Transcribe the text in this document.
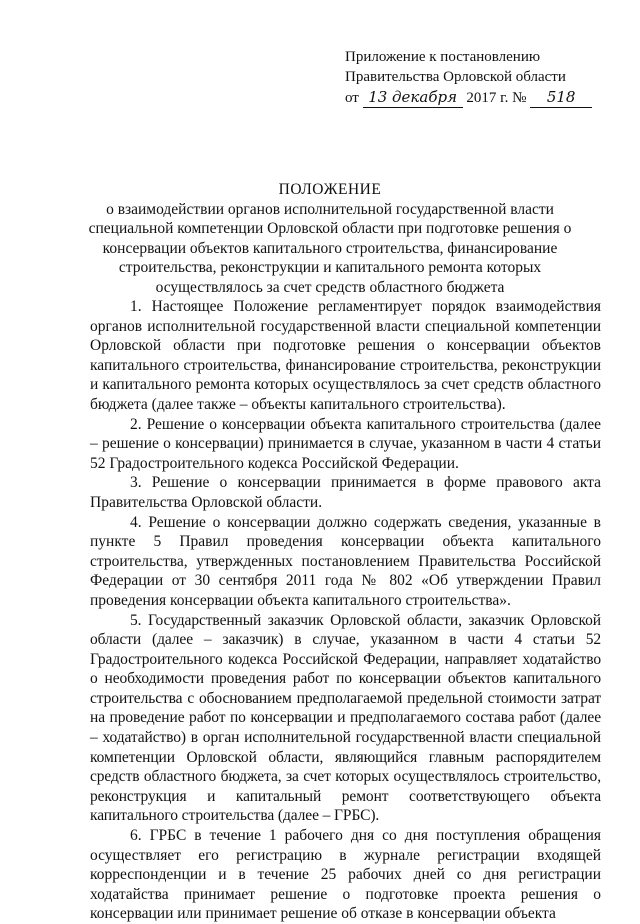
Приложение к постановлению
Правительства Орловской области
от 13 декабря 2017 г. № 518
ПОЛОЖЕНИЕ
о взаимодействии органов исполнительной государственной власти
специальной компетенции Орловской области при подготовке решения о
консервации объектов капитального строительства, финансирование
строительства, реконструкции и капитального ремонта которых
осуществлялось за счет средств областного бюджета

1. Настоящее Положение регламентирует порядок взаимодействия органов исполнительной государственной власти специальной компетенции Орловской области при подготовке решения о консервации объектов капитального строительства, финансирование строительства, реконструкции и капитального ремонта которых осуществлялось за счет средств областного бюджета (далее также – объекты капитального строительства).

2. Решение о консервации объекта капитального строительства (далее – решение о консервации) принимается в случае, указанном в части 4 статьи 52 Градостроительного кодекса Российской Федерации.

3. Решение о консервации принимается в форме правового акта Правительства Орловской области.

4. Решение о консервации должно содержать сведения, указанные в пункте 5 Правил проведения консервации объекта капитального строительства, утвержденных постановлением Правительства Российской Федерации от 30 сентября 2011 года № 802 «Об утверждении Правил проведения консервации объекта капитального строительства».

5. Государственный заказчик Орловской области, заказчик Орловской области (далее – заказчик) в случае, указанном в части 4 статьи 52 Градостроительного кодекса Российской Федерации, направляет ходатайство о необходимости проведения работ по консервации объектов капитального строительства с обоснованием предполагаемой предельной стоимости затрат на проведение работ по консервации и предполагаемого состава работ (далее – ходатайство) в орган исполнительной государственной власти специальной компетенции Орловской области, являющийся главным распорядителем средств областного бюджета, за счет которых осуществлялось строительство, реконструкция и капитальный ремонт соответствующего объекта капитального строительства (далее – ГРБС).

6. ГРБС в течение 1 рабочего дня со дня поступления обращения осуществляет его регистрацию в журнале регистрации входящей корреспонденции и в течение 25 рабочих дней со дня регистрации ходатайства принимает решение о подготовке проекта решения о консервации или принимает решение об отказе в консервации объекта
